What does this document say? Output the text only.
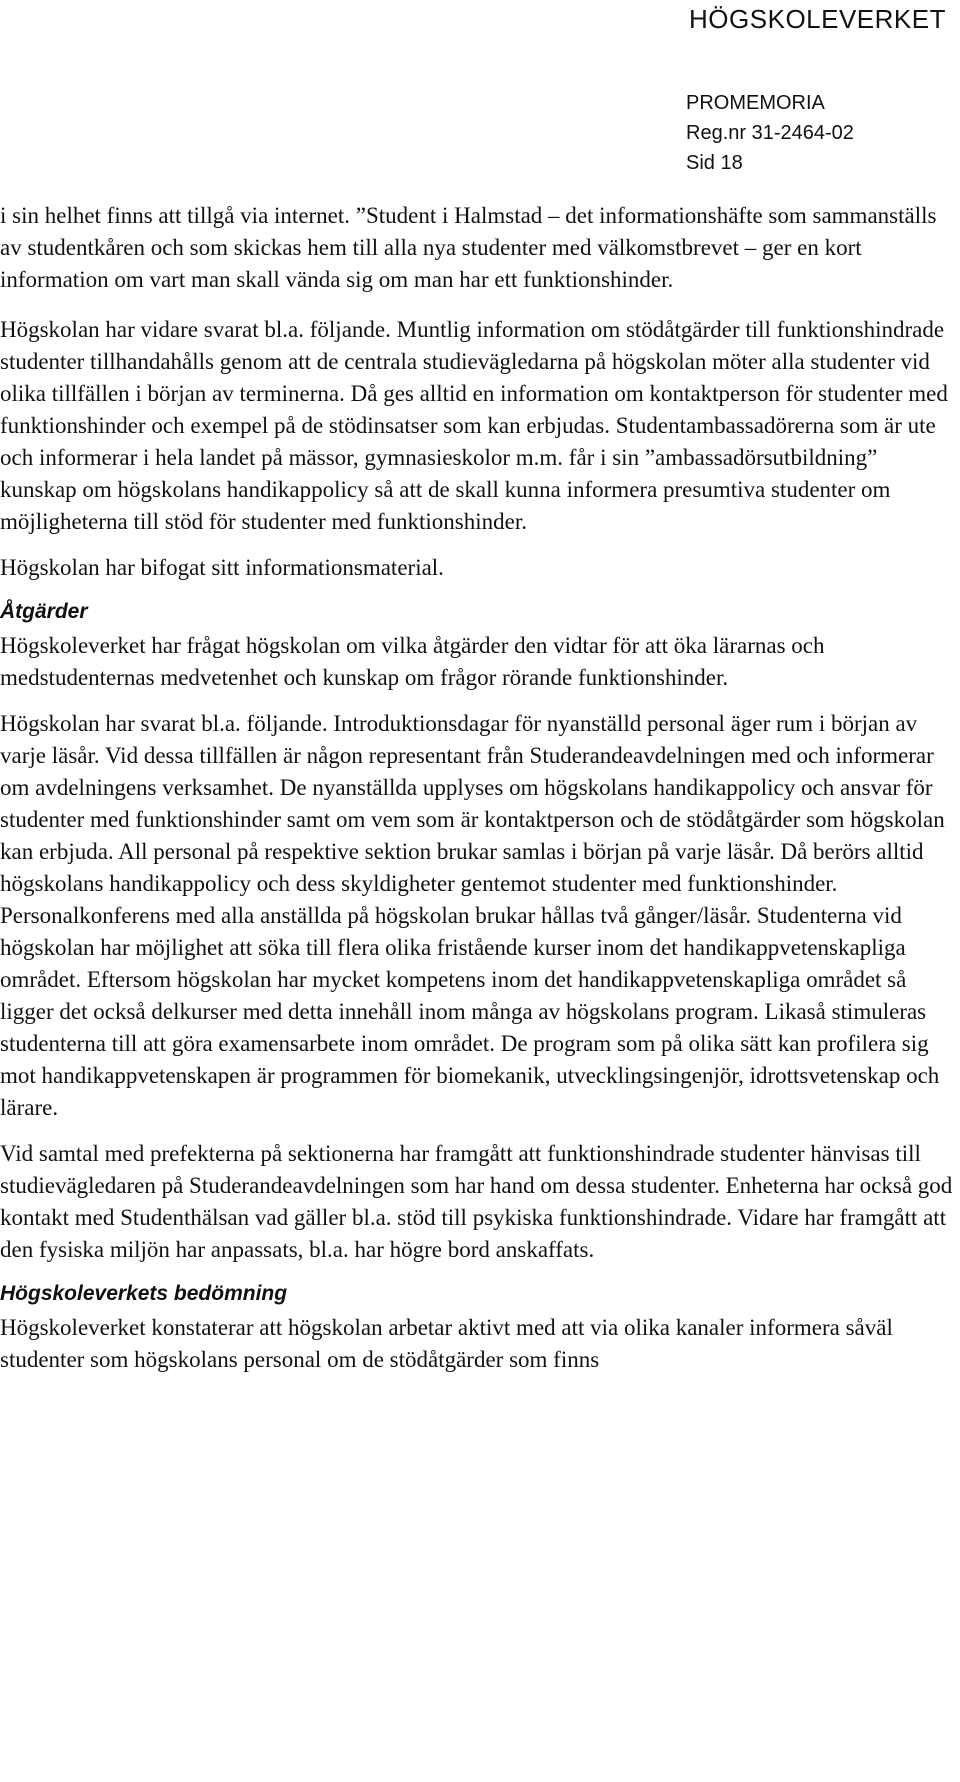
HÖGSKOLEVERKET
PROMEMORIA
Reg.nr 31-2464-02
Sid 18

i sin helhet finns att tillgå via internet. ”Student i Halmstad – det informationshäfte som sammanställs av studentkåren och som skickas hem till alla nya studenter med välkomstbrevet – ger en kort information om vart man skall vända sig om man har ett funktionshinder.

Högskolan har vidare svarat bl.a. följande. Muntlig information om stödåtgärder till funktionshindrade studenter tillhandahålls genom att de centrala studievägledarna på högskolan möter alla studenter vid olika tillfällen i början av terminerna. Då ges alltid en information om kontaktperson för studenter med funktionshinder och exempel på de stödinsatser som kan erbjudas. Studentambassadörerna som är ute och informerar i hela landet på mässor, gymnasieskolor m.m. får i sin ”ambassadörsutbildning” kunskap om högskolans handikappolicy så att de skall kunna informera presumtiva studenter om möjligheterna till stöd för studenter med funktionshinder.

Högskolan har bifogat sitt informationsmaterial.

Åtgärder

Högskoleverket har frågat högskolan om vilka åtgärder den vidtar för att öka lärarnas och medstudenternas medvetenhet och kunskap om frågor rörande funktionshinder.

Högskolan har svarat bl.a. följande. Introduktionsdagar för nyanställd personal äger rum i början av varje läsår. Vid dessa tillfällen är någon representant från Studerandeavdelningen med och informerar om avdelningens verksamhet. De nyanställda upplyses om högskolans handikappolicy och ansvar för studenter med funktionshinder samt om vem som är kontaktperson och de stödåtgärder som högskolan kan erbjuda. All personal på respektive sektion brukar samlas i början på varje läsår. Då berörs alltid högskolans handikappolicy och dess skyldigheter gentemot studenter med funktionshinder. Personalkonferens med alla anställda på högskolan brukar hållas två gånger/läsår. Studenterna vid högskolan har möjlighet att söka till flera olika fristående kurser inom det handikappvetenskapliga området. Eftersom högskolan har mycket kompetens inom det handikappvetenskapliga området så ligger det också delkurser med detta innehåll inom många av högskolans program. Likaså stimuleras studenterna till att göra examensarbete inom området. De program som på olika sätt kan profilera sig mot handikappvetenskapen är programmen för biomekanik, utvecklingsingenjör, idrottsvetenskap och lärare.

Vid samtal med prefekterna på sektionerna har framgått att funktionshindrade studenter hänvisas till studievägledaren på Studerandeavdelningen som har hand om dessa studenter. Enheterna har också god kontakt med Studenthälsan vad gäller bl.a. stöd till psykiska funktionshindrade. Vidare har framgått att den fysiska miljön har anpassats, bl.a. har högre bord anskaffats.

Högskoleverkets bedömning

Högskoleverket konstaterar att högskolan arbetar aktivt med att via olika kanaler informera såväl studenter som högskolans personal om de stödåtgärder som finns
